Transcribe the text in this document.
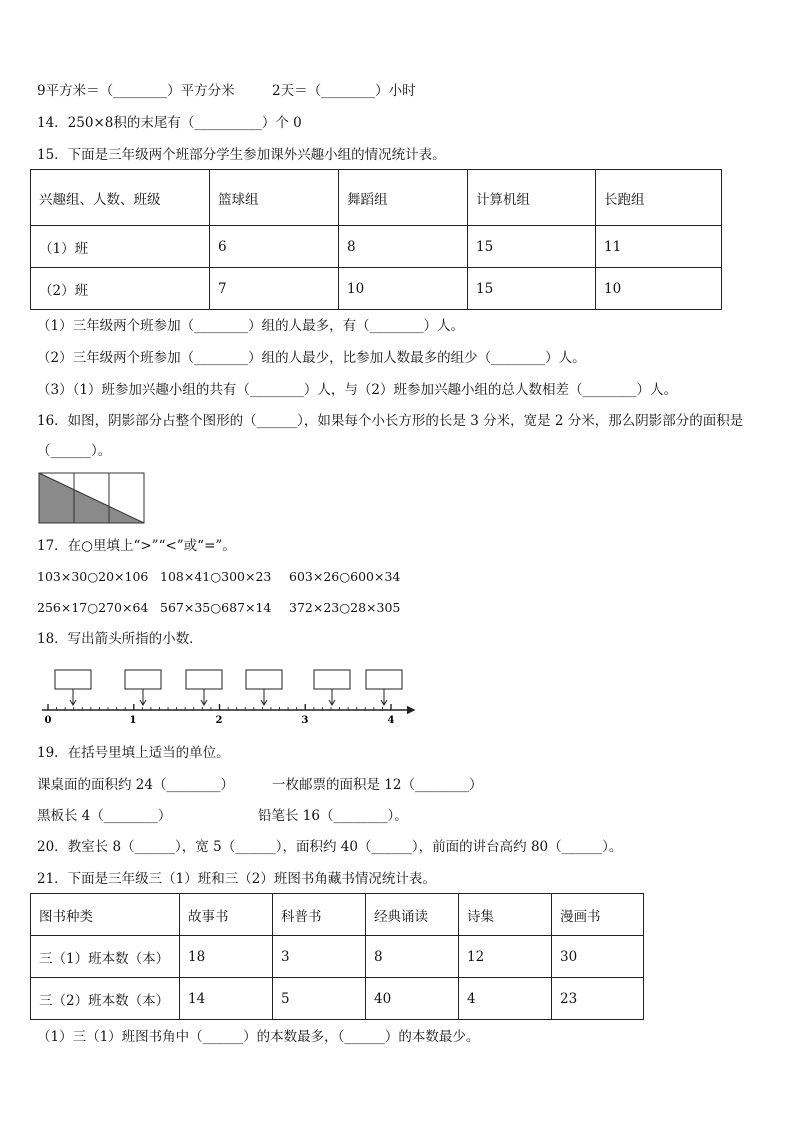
9平方米＝（________）平方分米	2天＝（________）小时
14．250×8积的末尾有（__________）个 0
15．下面是三年级两个班部分学生参加课外兴趣小组的情况统计表。
兴趣组、人数、班级	篮球组	舞蹈组	计算机组	长跑组
（1）班	6	8	15	11
（2）班	7	10	15	10
（1）三年级两个班参加（________）组的人最多，有（________）人。
（2）三年级两个班参加（________）组的人最少，比参加人数最多的组少（________）人。
（3）（1）班参加兴趣小组的共有（________）人，与（2）班参加兴趣小组的总人数相差（________）人。
16．如图，阴影部分占整个图形的（______），如果每个小长方形的长是 3 分米，宽是 2 分米，那么阴影部分的面积是
（______）。
17．在○里填上“>”“<”或“=”。
103×30○20×106 108×41○300×23 603×26○600×34
256×17○270×64 567×35○687×14 372×23○28×305
18．写出箭头所指的小数．
0	1	2	3	4
19．在括号里填上适当的单位。
课桌面的面积约 24（________）	一枚邮票的面积是 12（________）
黑板长 4（________）	铅笔长 16（________）。
20．教室长 8（______），宽 5（______），面积约 40（______），前面的讲台高约 80（______）。
21．下面是三年级三（1）班和三（2）班图书角藏书情况统计表。
图书种类	故事书	科普书	经典诵读	诗集	漫画书
三（1）班本数（本）	18	3	8	12	30
三（2）班本数（本）	14	5	40	4	23
（1）三（1）班图书角中（______）的本数最多，（______）的本数最少。
